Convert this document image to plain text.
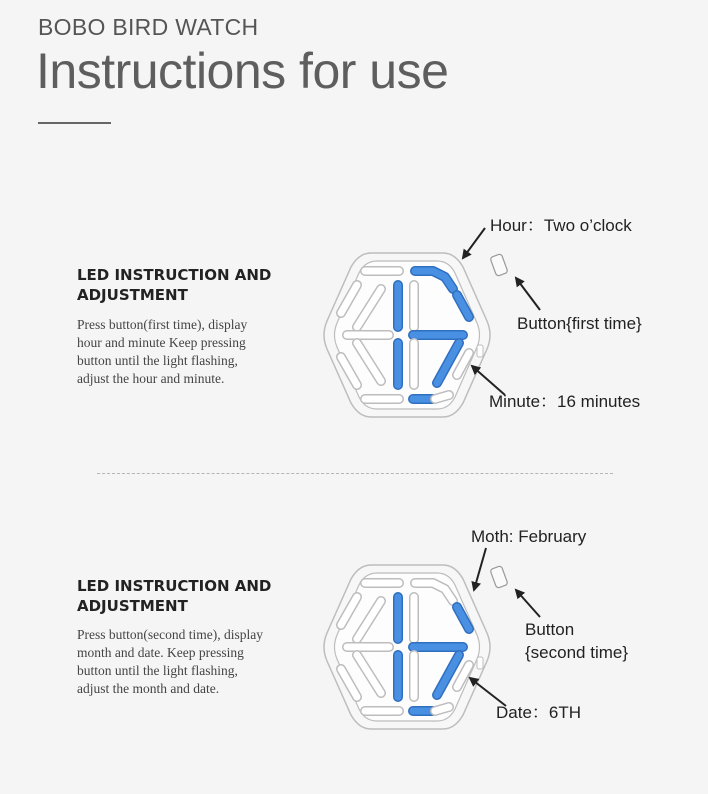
BOBO BIRD WATCH
Instructions for use
LED INSTRUCTION AND
ADJUSTMENT
Press button(first time), display
hour and minute Keep pressing
button until the light flashing,
adjust the hour and minute.
LED INSTRUCTION AND
ADJUSTMENT
Press button(second time), display
month and date. Keep pressing
button until the light flashing,
adjust the month and date.
Hour：Two o’clock
Button{first time}
Minute：16 minutes
Moth: February
Button
{second time}
Date：6TH
